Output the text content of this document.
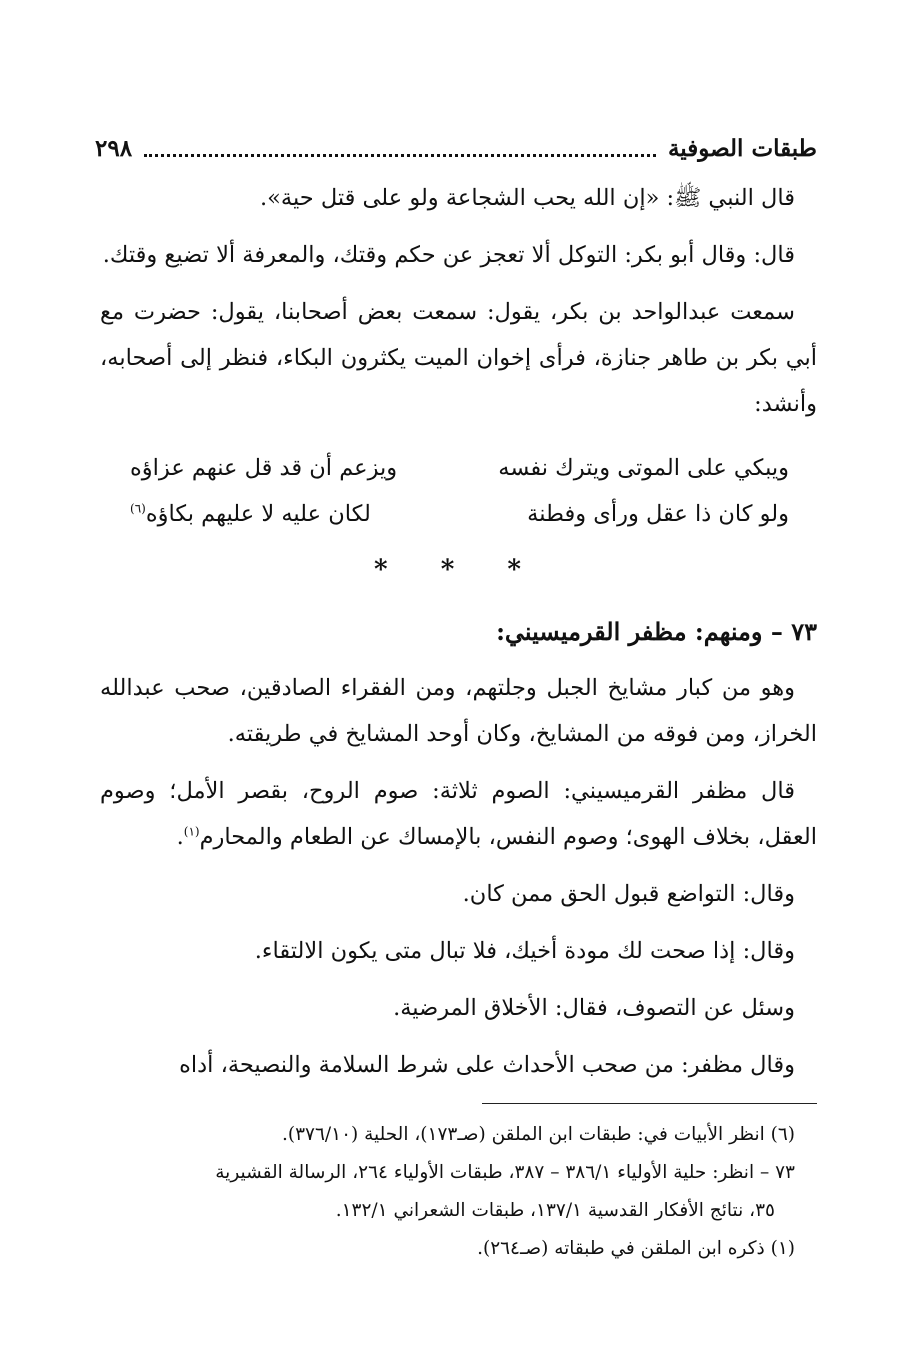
طبقات الصوفية
٢٩٨

قال النبي ﷺ: «إن الله يحب الشجاعة ولو على قتل حية».

قال: وقال أبو بكر: التوكل ألا تعجز عن حكم وقتك، والمعرفة ألا تضيع وقتك.

سمعت عبدالواحد بن بكر، يقول: سمعت بعض أصحابنا، يقول: حضرت مع أبي بكر بن طاهر جنازة، فرأى إخوان الميت يكثرون البكاء، فنظر إلى أصحابه، وأنشد:

ويبكي على الموتى ويترك نفسه
ويزعم أن قد قل عنهم عزاؤه
ولو كان ذا عقل ورأى وفطنة
لكان عليه لا عليهم بكاؤه$^{(٦)}$
* * *
٧٣ – ومنهم: مظفر القرميسيني:

وهو من كبار مشايخ الجبل وجلتهم، ومن الفقراء الصادقين، صحب عبدالله الخراز، ومن فوقه من المشايخ، وكان أوحد المشايخ في طريقته.

قال مظفر القرميسيني: الصوم ثلاثة: صوم الروح، بقصر الأمل؛ وصوم العقل، بخلاف الهوى؛ وصوم النفس، بالإمساك عن الطعام والمحارم$^{(١)}$.

وقال: التواضع قبول الحق ممن كان.

وقال: إذا صحت لك مودة أخيك، فلا تبال متى يكون الالتقاء.

وسئل عن التصوف، فقال: الأخلاق المرضية.

وقال مظفر: من صحب الأحداث على شرط السلامة والنصيحة، أداه

(٦) انظر الأبيات في: طبقات ابن الملقن (صـ١٧٣)، الحلية (٣٧٦/١٠).

٧٣ – انظر: حلية الأولياء ٣٨٦/١ – ٣٨٧، طبقات الأولياء ٢٦٤، الرسالة القشيرية

٣٥، نتائج الأفكار القدسية ١٣٧/١، طبقات الشعراني ١٣٢/١.

(١) ذكره ابن الملقن في طبقاته (صـ٢٦٤).
